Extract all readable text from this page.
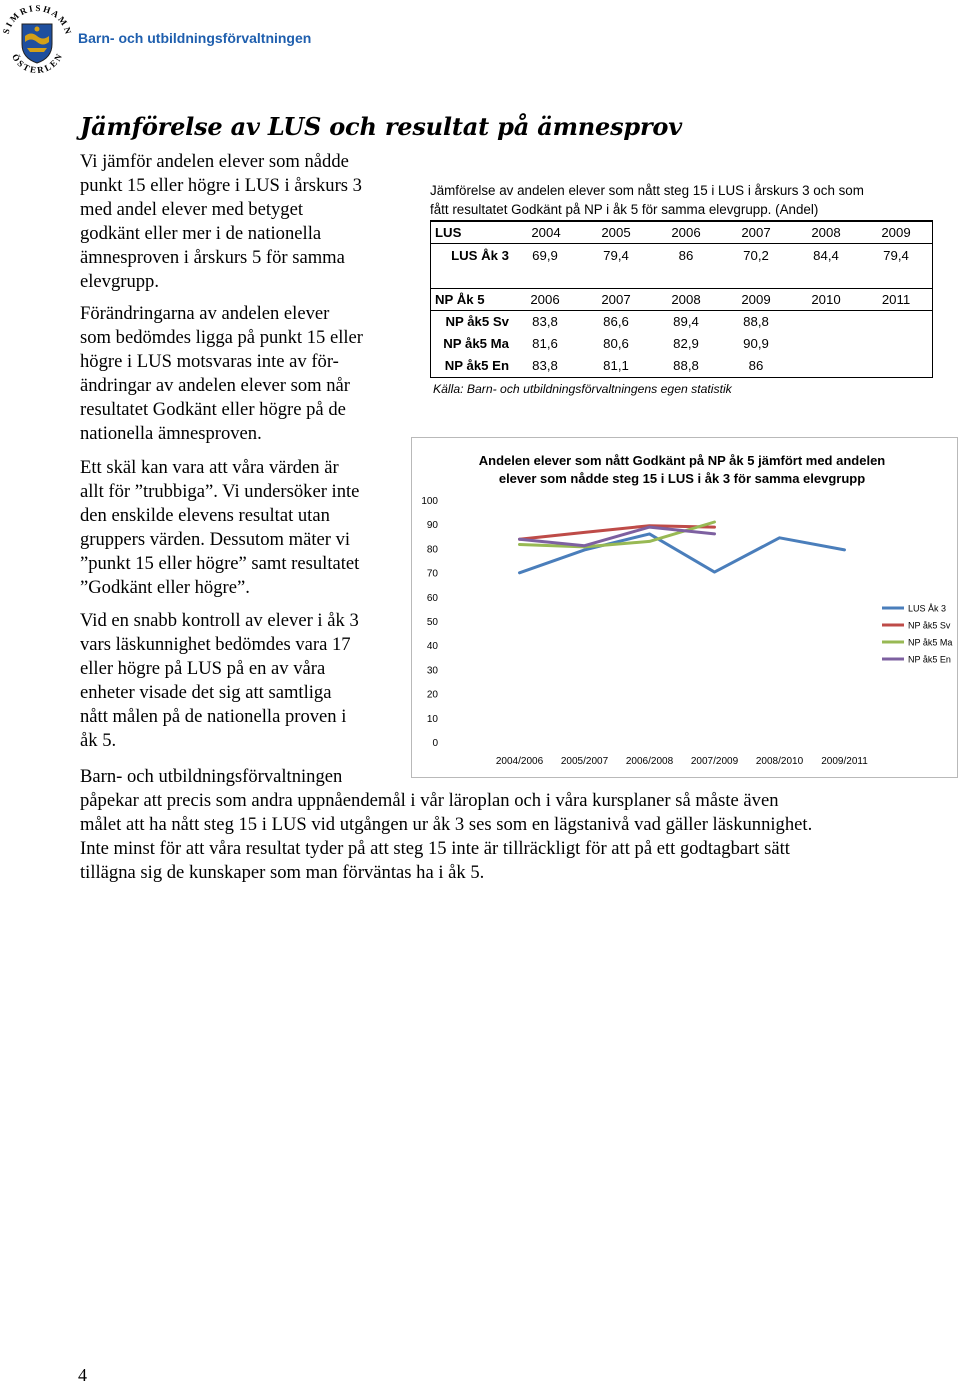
S I M R I S H A M N
Ö S T E R L E N
Barn- och utbildningsförvaltningen
Jämförelse av LUS och resultat på ämnesprov
Vi jämför andelen elever som nådde
punkt 15 eller högre i LUS i årskurs 3
med andel elever med betyget
godkänt eller mer i de nationella
ämnesproven i årskurs 5 för samma
elevgrupp.
Förändringarna av andelen elever
som bedömdes ligga på punkt 15 eller
högre i LUS motsvaras inte av för-
ändringar av andelen elever som når
resultatet Godkänt eller högre på de
nationella ämnesproven.
Ett skäl kan vara att våra värden är
allt för ”trubbiga”. Vi undersöker inte
den enskilde elevens resultat utan
gruppers värden. Dessutom mäter vi
”punkt 15 eller högre” samt resultatet
”Godkänt eller högre”.
Vid en snabb kontroll av elever i åk 3
vars läskunnighet bedömdes vara 17
eller högre på LUS på en av våra
enheter visade det sig att samtliga
nått målen på de nationella proven i
åk 5.
Barn- och utbildningsförvaltningen
påpekar att precis som andra uppnåendemål i vår läroplan och i våra kursplaner så måste även
målet att ha nått steg 15 i LUS vid utgången ur åk 3 ses som en lägstanivå vad gäller läskunnighet.
Inte minst för att våra resultat tyder på att steg 15 inte är tillräckligt för att på ett godtagbart sätt
tillägna sig de kunskaper som man förväntas ha i åk 5.
Jämförelse av andelen elever som nått steg 15 i LUS i årskurs 3 och som
fått resultatet Godkänt på NP i åk 5 för samma elevgrupp. (Andel)
LUS	2004	2005	2006	2007	2008	2009
LUS Åk 3	69,9	79,4	86	70,2	84,4	79,4
NP Åk 5	2006	2007	2008	2009	2010	2011
NP åk5 Sv	83,8	86,6	89,4	88,8
NP åk5 Ma	81,6	80,6	82,9	90,9
NP åk5 En	83,8	81,1	88,8	86
Källa: Barn- och utbildningsförvaltningens egen statistik
Andelen elever som nått Godkänt på NP åk 5 jämfört med andelen
elever som nådde steg 15 i LUS i åk 3 för samma elevgrupp
0
10
20
30
40
50
60
70
80
90
100
2004/2006 2005/2007 2006/2008 2007/2009 2008/2010 2009/2011
LUS Åk 3
NP åk5 Sv
NP åk5 Ma
NP åk5 En
4
